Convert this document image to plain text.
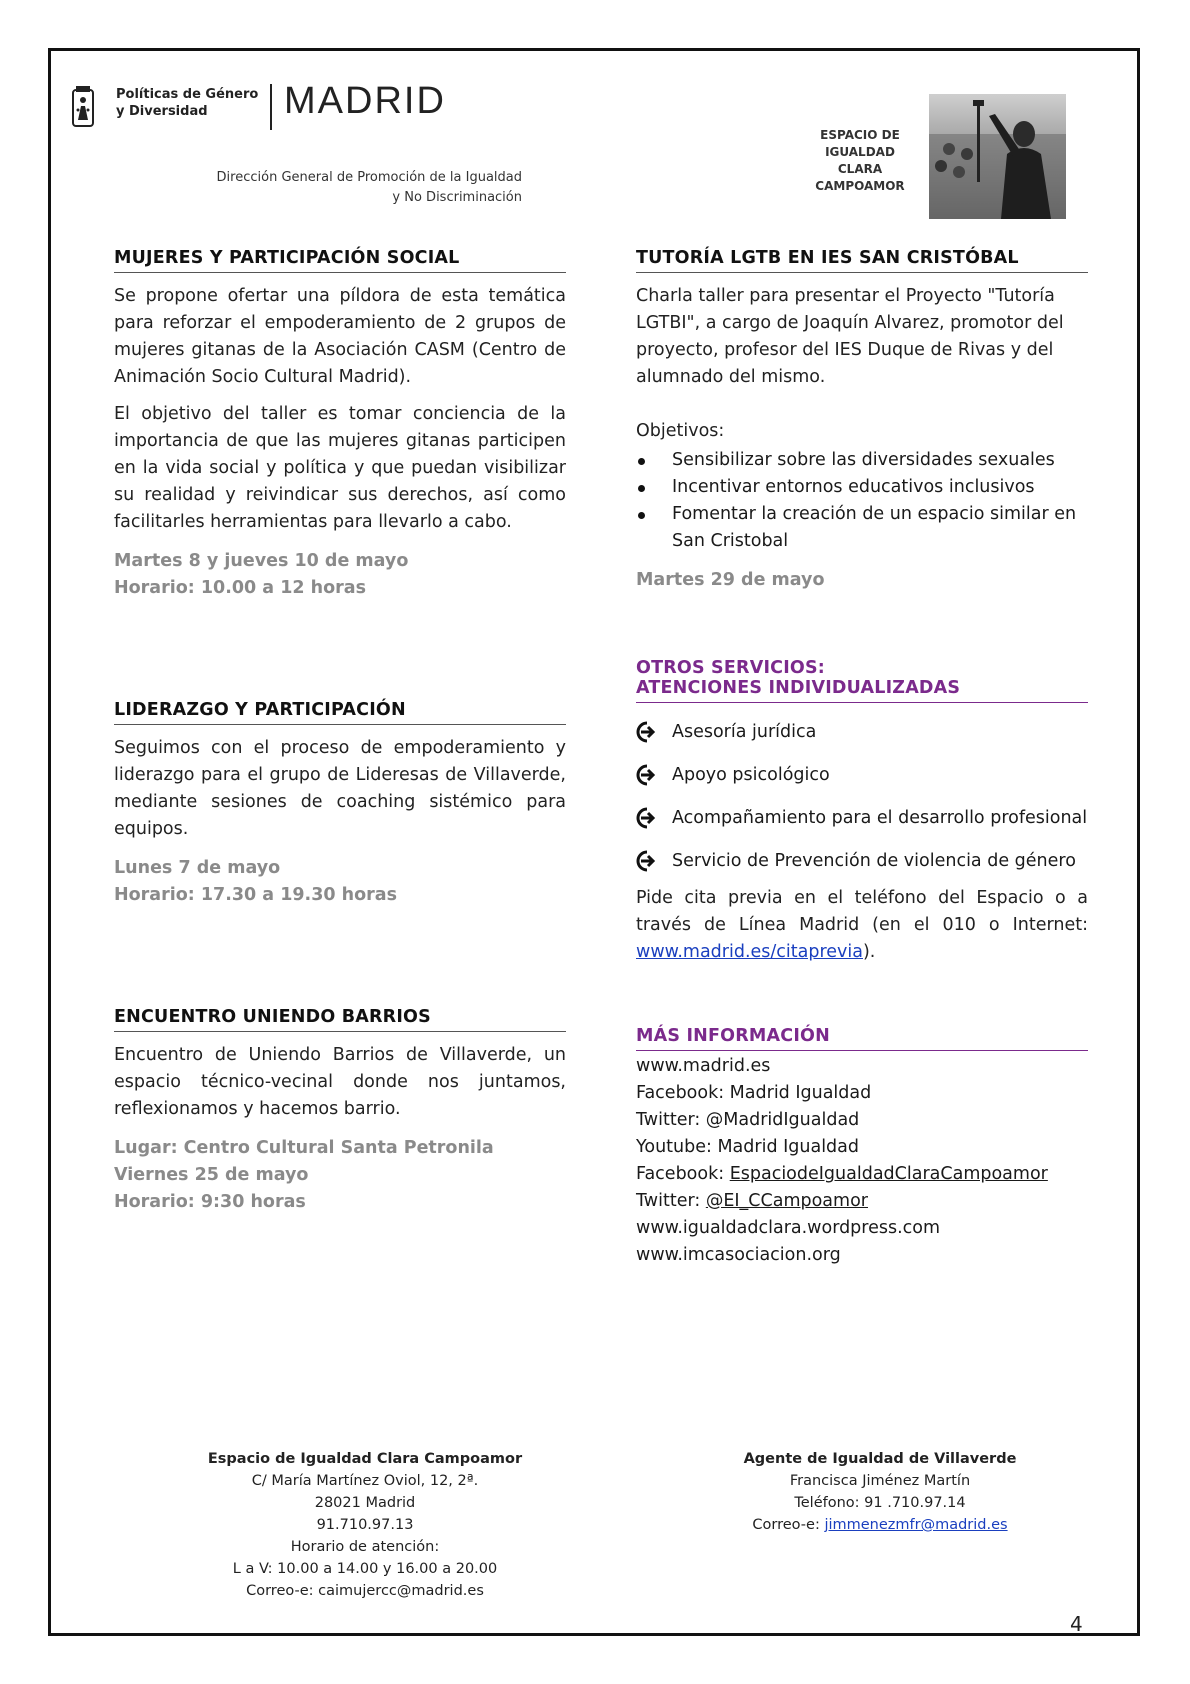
Políticas de Género
y Diversidad	MADRID
Dirección General de Promoción de la Igualdad
y No Discriminación
ESPACIO DE
IGUALDAD
CLARA
CAMPOAMOR
MUJERES Y PARTICIPACIÓN SOCIAL

Se propone ofertar una píldora de esta temática para reforzar el empoderamiento de 2 grupos de mujeres gitanas de la Asociación CASM (Centro de Animación Socio Cultural Madrid).

El objetivo del taller es tomar conciencia de la importancia de que las mujeres gitanas participen en la vida social y política y que puedan visibilizar su realidad y reivindicar sus derechos, así como facilitarles herramientas para llevarlo a cabo.

Martes 8 y jueves 10 de mayo
Horario: 10.00 a 12 horas
LIDERAZGO Y PARTICIPACIÓN

Seguimos con el proceso de empoderamiento y liderazgo para el grupo de Lideresas de Villaverde, mediante sesiones de coaching sistémico para equipos.

Lunes 7 de mayo
Horario: 17.30 a 19.30 horas
ENCUENTRO UNIENDO BARRIOS

Encuentro de Uniendo Barrios de Villaverde, un espacio técnico-vecinal donde nos juntamos, reflexionamos y hacemos barrio.

Lugar: Centro Cultural Santa Petronila
Viernes 25 de mayo
Horario: 9:30 horas
TUTORÍA LGTB EN IES SAN CRISTÓBAL

Charla taller para presentar el Proyecto "Tutoría LGTBI", a cargo de Joaquín Alvarez, promotor del proyecto, profesor del IES Duque de Rivas y del alumnado del mismo.

Objetivos:

Sensibilizar sobre las diversidades sexuales
Incentivar entornos educativos inclusivos
Fomentar la creación de un espacio similar en San Cristobal
Martes 29 de mayo
OTROS SERVICIOS:
ATENCIONES INDIVIDUALIZADAS
Asesoría jurídica
Apoyo psicológico
Acompañamiento para el desarrollo profesional
Servicio de Prevención de violencia de género

Pide cita previa en el teléfono del Espacio o a través de Línea Madrid (en el 010 o Internet: www.madrid.es/citaprevia).

MÁS INFORMACIÓN

www.madrid.es

Facebook: Madrid Igualdad

Twitter: @MadridIgualdad

Youtube: Madrid Igualdad

Facebook: EspaciodeIgualdadClaraCampoamor

Twitter: @EI_CCampoamor

www.igualdadclara.wordpress.com

www.imcasociacion.org

Espacio de Igualdad Clara Campoamor
C/ María Martínez Oviol, 12, 2ª.
28021 Madrid
91.710.97.13
Horario de atención:
L a V: 10.00 a 14.00 y 16.00 a 20.00
Correo-e: caimujercc@madrid.es
Agente de Igualdad de Villaverde
Francisca Jiménez Martín
Teléfono: 91 .710.97.14
Correo-e: jimmenezmfr@madrid.es
4
